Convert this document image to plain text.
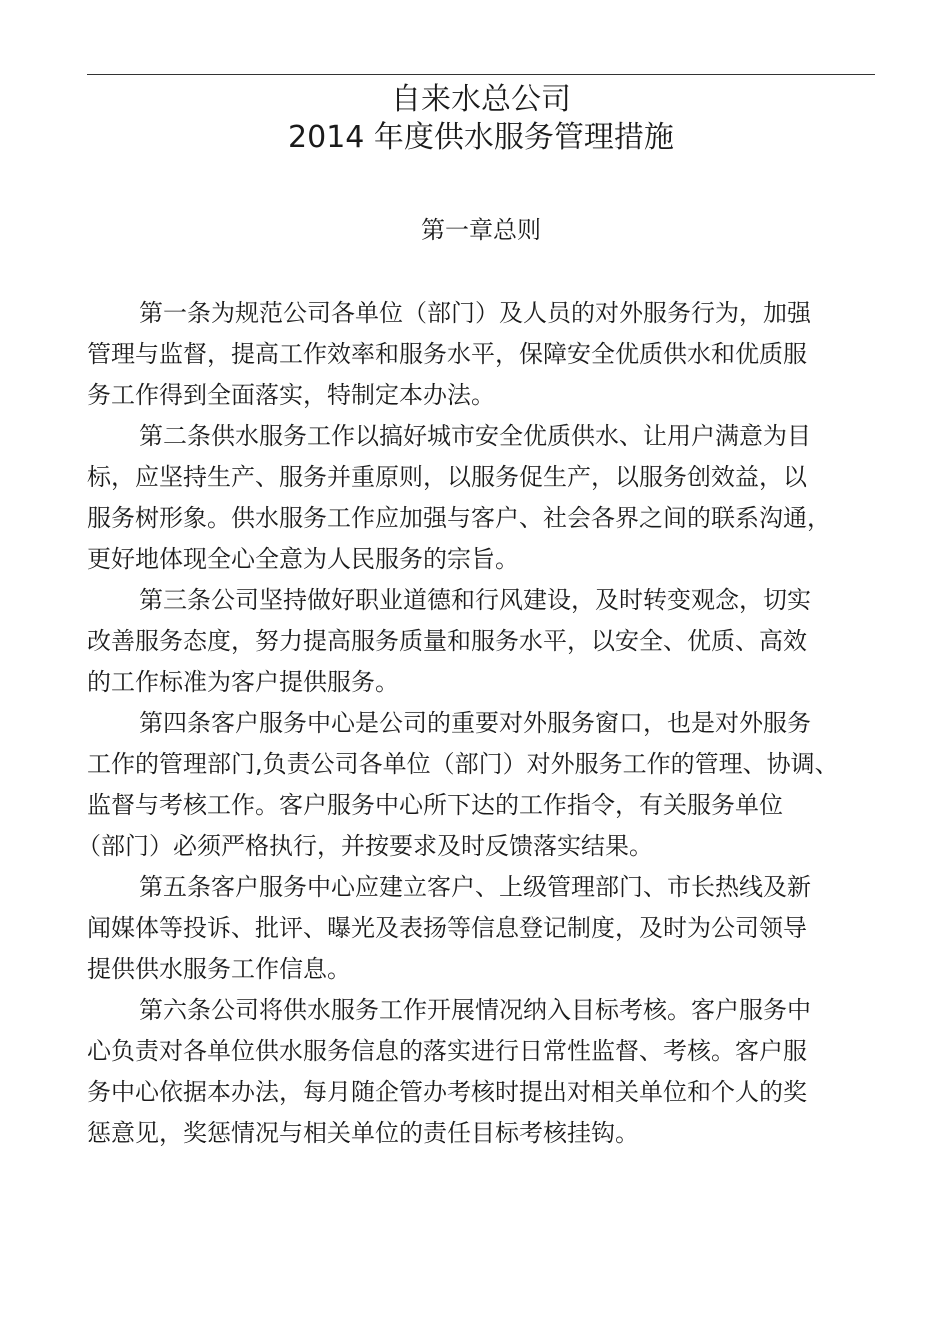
自来水总公司
2014 年度供水服务管理措施
第一章总则
第一条为规范公司各单位（部门）及人员的对外服务行为，加强
管理与监督，提高工作效率和服务水平，保障安全优质供水和优质服
务工作得到全面落实，特制定本办法。
第二条供水服务工作以搞好城市安全优质供水、让用户满意为目
标，应坚持生产、服务并重原则，以服务促生产，以服务创效益，以
服务树形象。供水服务工作应加强与客户、社会各界之间的联系沟通，
更好地体现全心全意为人民服务的宗旨。
第三条公司坚持做好职业道德和行风建设，及时转变观念，切实
改善服务态度，努力提高服务质量和服务水平，以安全、优质、高效
的工作标准为客户提供服务。
第四条客户服务中心是公司的重要对外服务窗口，也是对外服务
工作的管理部门,负责公司各单位（部门）对外服务工作的管理、协调、
监督与考核工作。客户服务中心所下达的工作指令，有关服务单位
（部门）必须严格执行，并按要求及时反馈落实结果。
第五条客户服务中心应建立客户、上级管理部门、市长热线及新
闻媒体等投诉、批评、曝光及表扬等信息登记制度，及时为公司领导
提供供水服务工作信息。
第六条公司将供水服务工作开展情况纳入目标考核。客户服务中
心负责对各单位供水服务信息的落实进行日常性监督、考核。客户服
务中心依据本办法，每月随企管办考核时提出对相关单位和个人的奖
惩意见，奖惩情况与相关单位的责任目标考核挂钩。
